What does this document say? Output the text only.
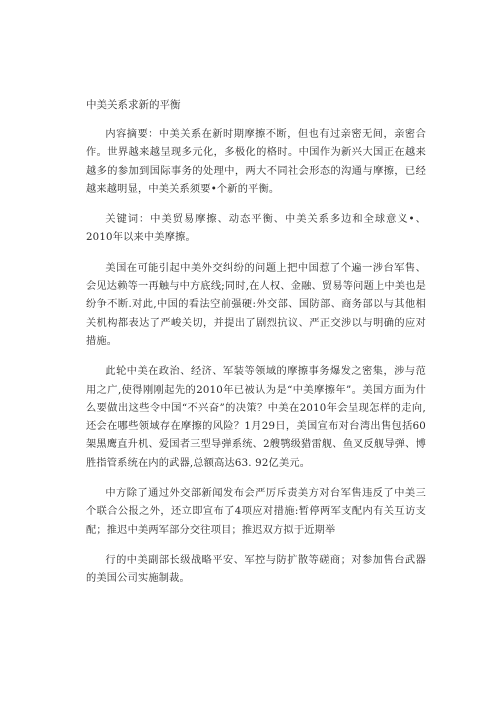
中美关系求新的平衡

内容摘要：中美关系在新时期摩擦不断，但也有过亲密无间，亲密合作。世界越来越呈现多元化，多极化的格时。中国作为新兴大国正在越来越多的参加到国际事务的处理中，两大不同社会形态的沟通与摩擦，已经越来越明显，中美关系须要•个新的平衡。

关键词：中美贸易摩擦、动态平衡、中美关系多边和全球意义•、2010年以来中美摩擦。

美国在可能引起中美外交纠纷的问题上把中国惹了个遍一涉台军售、会见达赖等一再触与中方底线;同时,在人权、金融、贸易等问题上中美也是纷争不断.对此,中国的看法空前强硬:外交部、国防部、商务部以与其他相关机构都表达了严峻关切，并提出了剧烈抗议、严正交涉以与明确的应对措施。

此轮中美在政治、经济、军装等领域的摩擦事务爆发之密集，涉与范用之广,使得刚刚起先的2010年已被认为是“中美摩擦年”。美国方面为什么要做出这些令中国“不兴奋”的决策？中美在2010年会呈现怎样的走向,还会在哪些领域存在摩擦的风险？1月29日，美国宣布对台湾出售包括60架黑鹰直升机、爱国者三型导弹系统、2艘鹗级猎雷舰、鱼叉反舰导弹、博胜指管系统在内的武器,总额高达63. 92亿美元。

中方除了通过外交部新闻发布会严厉斥责美方对台军售违反了中美三个联合公报之外，还立即宣布了4项应对措施:暂停两军支配内有关互访支配；推迟中美两军部分交往项目；推迟双方拟于近期举

行的中美副部长级战略平安、军控与防扩散等磋商；对参加售台武器的美国公司实施制裁。
